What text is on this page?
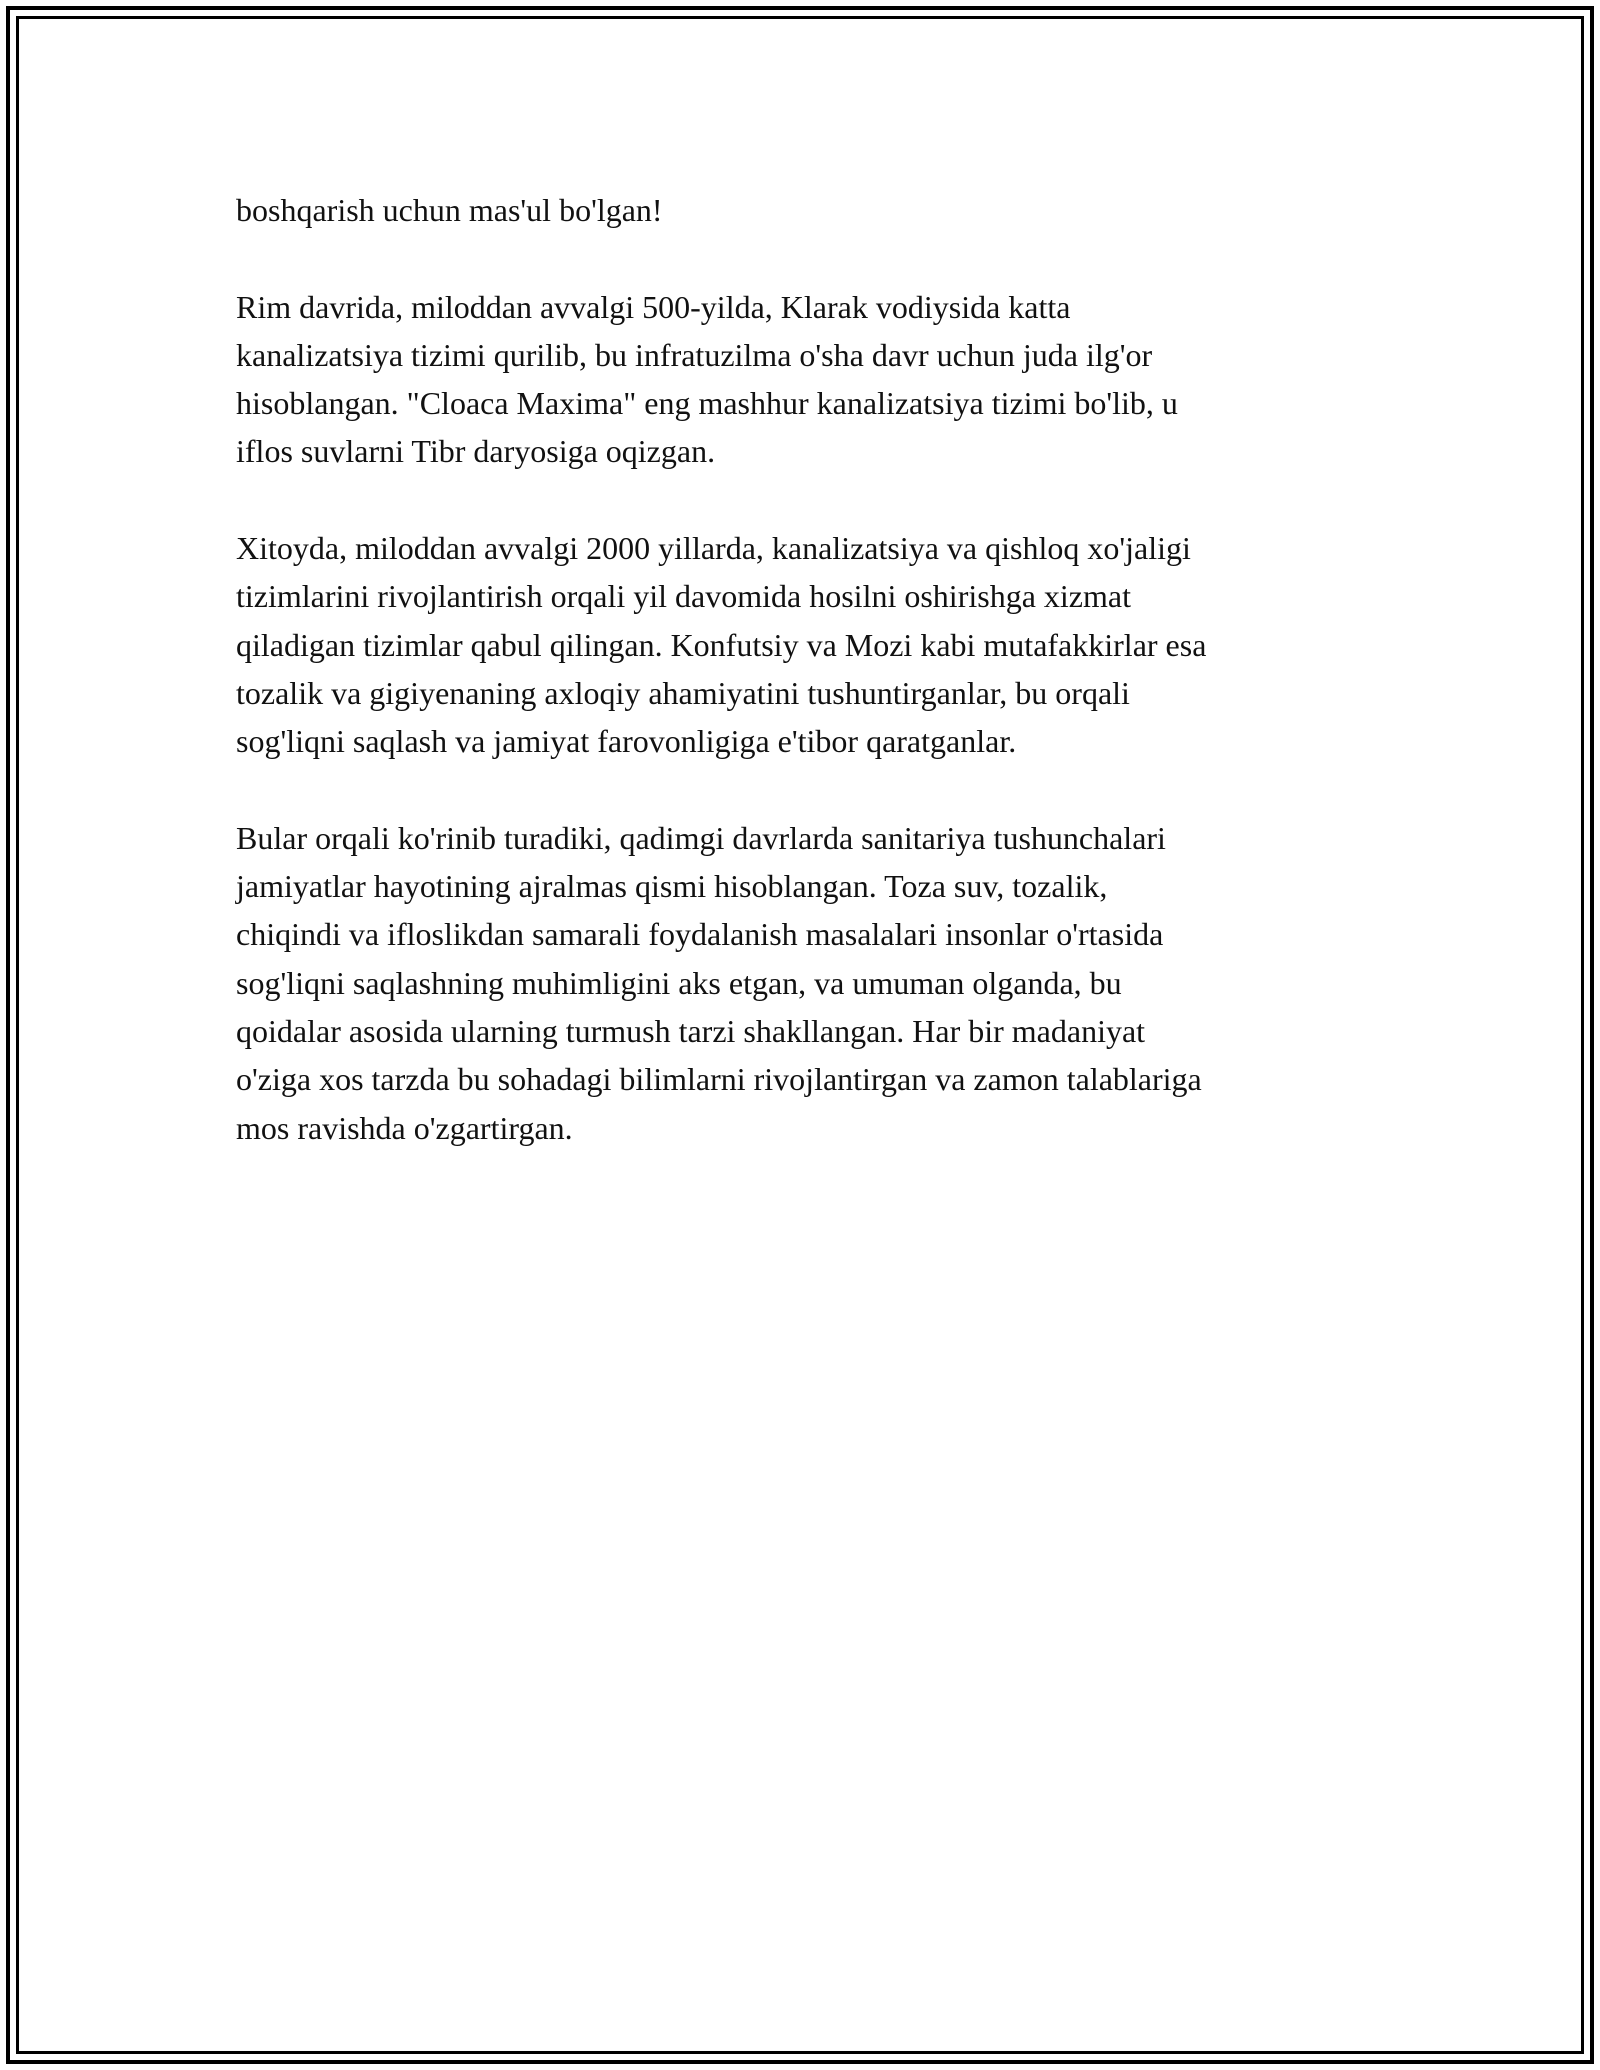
boshqarish uchun mas'ul bo'lgan!

Rim davrida, miloddan avvalgi 500-yilda, Klarak vodiysida katta
kanalizatsiya tizimi qurilib, bu infratuzilma o'sha davr uchun juda ilg'or
hisoblangan. "Cloaca Maxima" eng mashhur kanalizatsiya tizimi bo'lib, u
iflos suvlarni Tibr daryosiga oqizgan.

Xitoyda, miloddan avvalgi 2000 yillarda, kanalizatsiya va qishloq xo'jaligi
tizimlarini rivojlantirish orqali yil davomida hosilni oshirishga xizmat
qiladigan tizimlar qabul qilingan. Konfutsiy va Mozi kabi mutafakkirlar esa
tozalik va gigiyenaning axloqiy ahamiyatini tushuntirganlar, bu orqali
sog'liqni saqlash va jamiyat farovonligiga e'tibor qaratganlar.

Bular orqali ko'rinib turadiki, qadimgi davrlarda sanitariya tushunchalari
jamiyatlar hayotining ajralmas qismi hisoblangan. Toza suv, tozalik,
chiqindi va ifloslikdan samarali foydalanish masalalari insonlar o'rtasida
sog'liqni saqlashning muhimligini aks etgan, va umuman olganda, bu
qoidalar asosida ularning turmush tarzi shakllangan. Har bir madaniyat
o'ziga xos tarzda bu sohadagi bilimlarni rivojlantirgan va zamon talablariga
mos ravishda o'zgartirgan.
